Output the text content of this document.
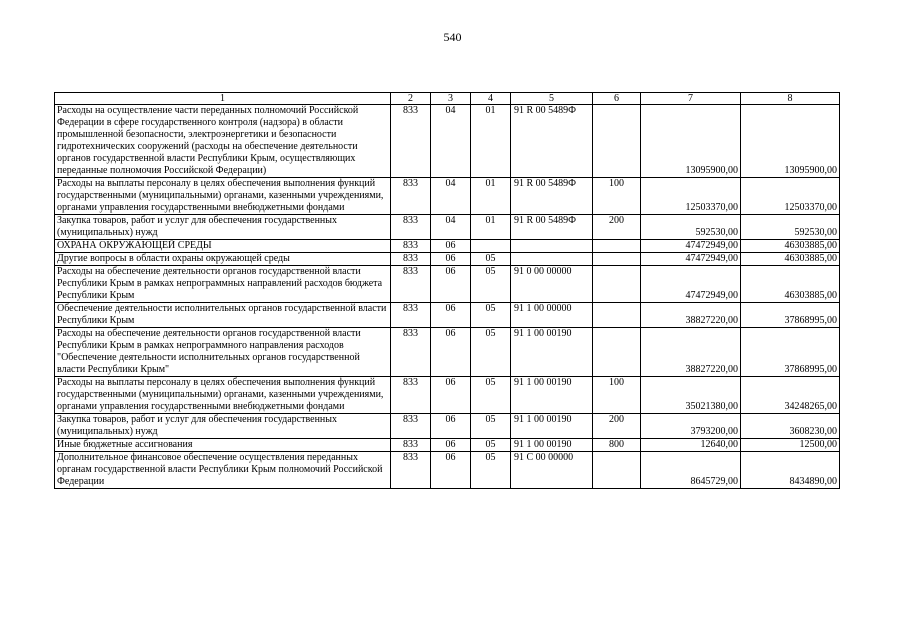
540
1	2	3	4	5	6	7	8
Расходы на осуществление части переданных полномочий Российской Федерации в сфере государственного контроля (надзора) в области промышленной безопасности, электроэнергетики и безопасности гидротехнических сооружений (расходы на обеспечение деятельности органов государственной власти Республики Крым, осуществляющих переданные полномочия Российской Федерации)	833	04	01	91 R 00 5489Ф		13095900,00	13095900,00
Расходы на выплаты персоналу в целях обеспечения выполнения функций государственными (муниципальными) органами, казенными учреждениями, органами управления государственными внебюджетными фондами	833	04	01	91 R 00 5489Ф	100	12503370,00	12503370,00
Закупка товаров, работ и услуг для обеспечения государственных (муниципальных) нужд	833	04	01	91 R 00 5489Ф	200	592530,00	592530,00
ОХРАНА ОКРУЖАЮЩЕЙ СРЕДЫ	833	06				47472949,00	46303885,00
Другие вопросы в области охраны окружающей среды	833	06	05			47472949,00	46303885,00
Расходы на обеспечение деятельности органов государственной власти Республики Крым в рамках непрограммных направлений расходов бюджета Республики Крым	833	06	05	91 0 00 00000		47472949,00	46303885,00
Обеспечение деятельности исполнительных органов государственной власти Республики Крым	833	06	05	91 1 00 00000		38827220,00	37868995,00
Расходы на обеспечение деятельности органов государственной власти Республики Крым в рамках непрограммного направления расходов "Обеспечение деятельности исполнительных органов государственной власти Республики Крым"	833	06	05	91 1 00 00190		38827220,00	37868995,00
Расходы на выплаты персоналу в целях обеспечения выполнения функций государственными (муниципальными) органами, казенными учреждениями, органами управления государственными внебюджетными фондами	833	06	05	91 1 00 00190	100	35021380,00	34248265,00
Закупка товаров, работ и услуг для обеспечения государственных (муниципальных) нужд	833	06	05	91 1 00 00190	200	3793200,00	3608230,00
Иные бюджетные ассигнования	833	06	05	91 1 00 00190	800	12640,00	12500,00
Дополнительное финансовое обеспечение осуществления переданных органам государственной власти Республики Крым полномочий Российской Федерации	833	06	05	91 С 00 00000		8645729,00	8434890,00
